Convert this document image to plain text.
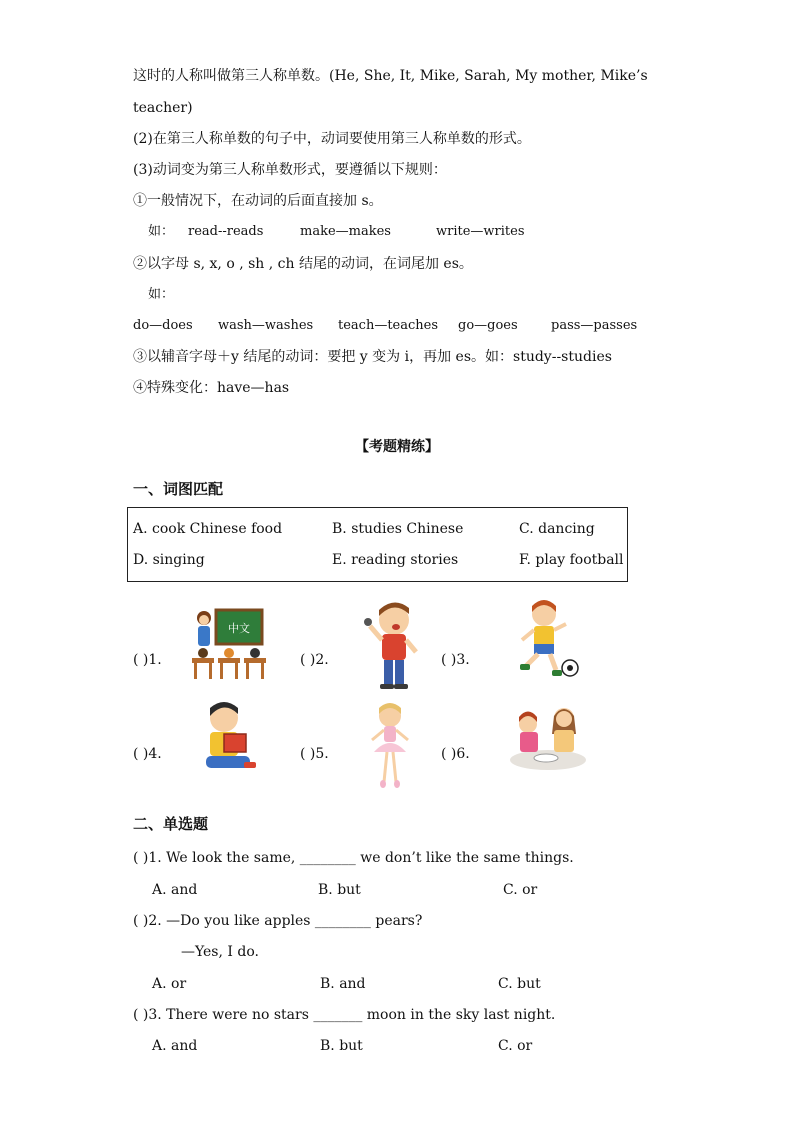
这时的人称叫做第三人称单数。(He, She, It, Mike, Sarah, My mother, Mike’s
teacher)
(2)在第三人称单数的句子中，动词要使用第三人称单数的形式。
(3)动词变为第三人称单数形式，要遵循以下规则：
①一般情况下，在动词的后面直接加 s。
如： read--reads	make—makes	write—writes
②以字母 s, x, o , sh , ch 结尾的动词，在词尾加 es。
如：
do—does wash—washes teach—teaches go—goes	pass—passes
③以辅音字母＋y 结尾的动词：要把 y 变为 i，再加 es。如：study--studies
④特殊变化：have—has
【考题精练】
一、词图匹配
A. cook Chinese food	B. studies Chinese	C. dancing
D. singing	E. reading stories	F. play football
( )1.
中文
( )2.	( )3.
( )4.	( )5.	( )6.
二、单选题
( )1. We look the same, ________ we don’t like the same things.
A. and	B. but	C. or
( )2. —Do you like apples ________ pears?
—Yes, I do.
A. or	B. and	C. but
( )3. There were no stars _______ moon in the sky last night.
A. and	B. but	C. or
